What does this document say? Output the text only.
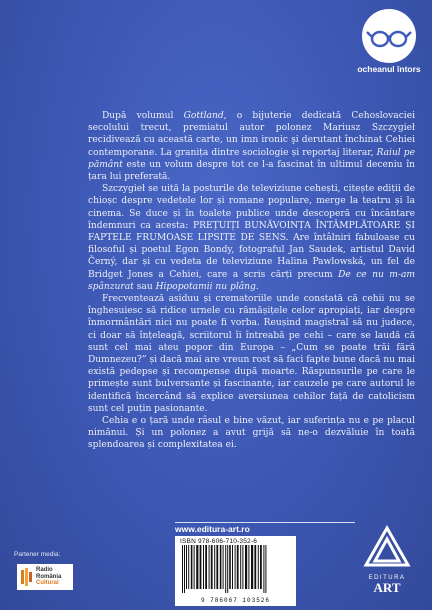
ocheanul întors

După volumul Gottland, o bijuterie dedicată Cehoslovaciei secolului trecut, premiatul autor polonez Mariusz Szczygieł recidivează cu această carte, un imn ironic şi derutant închinat Cehiei contemporane. La granița dintre sociologie și reportaj literar, Raiul pe pământ este un volum despre tot ce l-a fascinat în ultimul deceniu în țara lui preferată.

Szczygieł se uită la posturile de televiziune cehești, citește ediții de chioșc despre vedetele lor și romane populare, merge la teatru și la cinema. Se duce și în toalete publice unde descoperă cu încântare îndemnuri ca acesta: PREȚUIȚI BUNĂVOINȚA ÎNTÂMPLĂTOARE ȘI FAPTELE FRUMOASE LIPSITE DE SENS. Are întâlniri fabuloase cu filosoful și poetul Egon Bondy, fotograful Jan Saudek, artistul David Černý, dar și cu vedeta de televiziune Halina Pawlowská, un fel de Bridget Jones a Cehiei, care a scris cărți precum De ce nu m-am spânzurat sau Hipopotamii nu plâng.

Frecventează asiduu și crematoriile unde constată că cehii nu se înghesuiesc să ridice urnele cu rămășițele celor apropiați, iar despre înmormântări nici nu poate fi vorba. Reușind magistral să nu judece, ci doar să înțeleagă, scriitorul îi întreabă pe cehi – care se laudă că sunt cel mai ateu popor din Europa – „Cum se poate trăi fără Dumnezeu?” și dacă mai are vreun rost să faci fapte bune dacă nu mai există pedepse și recompense după moarte. Răspunsurile pe care le primește sunt bulversante și fascinante, iar cauzele pe care autorul le identifică încercând să explice aversiunea cehilor față de catolicism sunt cel puțin pasionante.

Cehia e o țară unde râsul e bine văzut, iar suferința nu e pe placul nimănui. Și un polonez a avut grijă să ne-o dezvăluie în toată splendoarea și complexitatea ei.

www.editura-art.ro
ISBN 978-606-710-352-6
9 786067 103526
Partener media:
Radio
România
Cultural
EDITURA
ART
